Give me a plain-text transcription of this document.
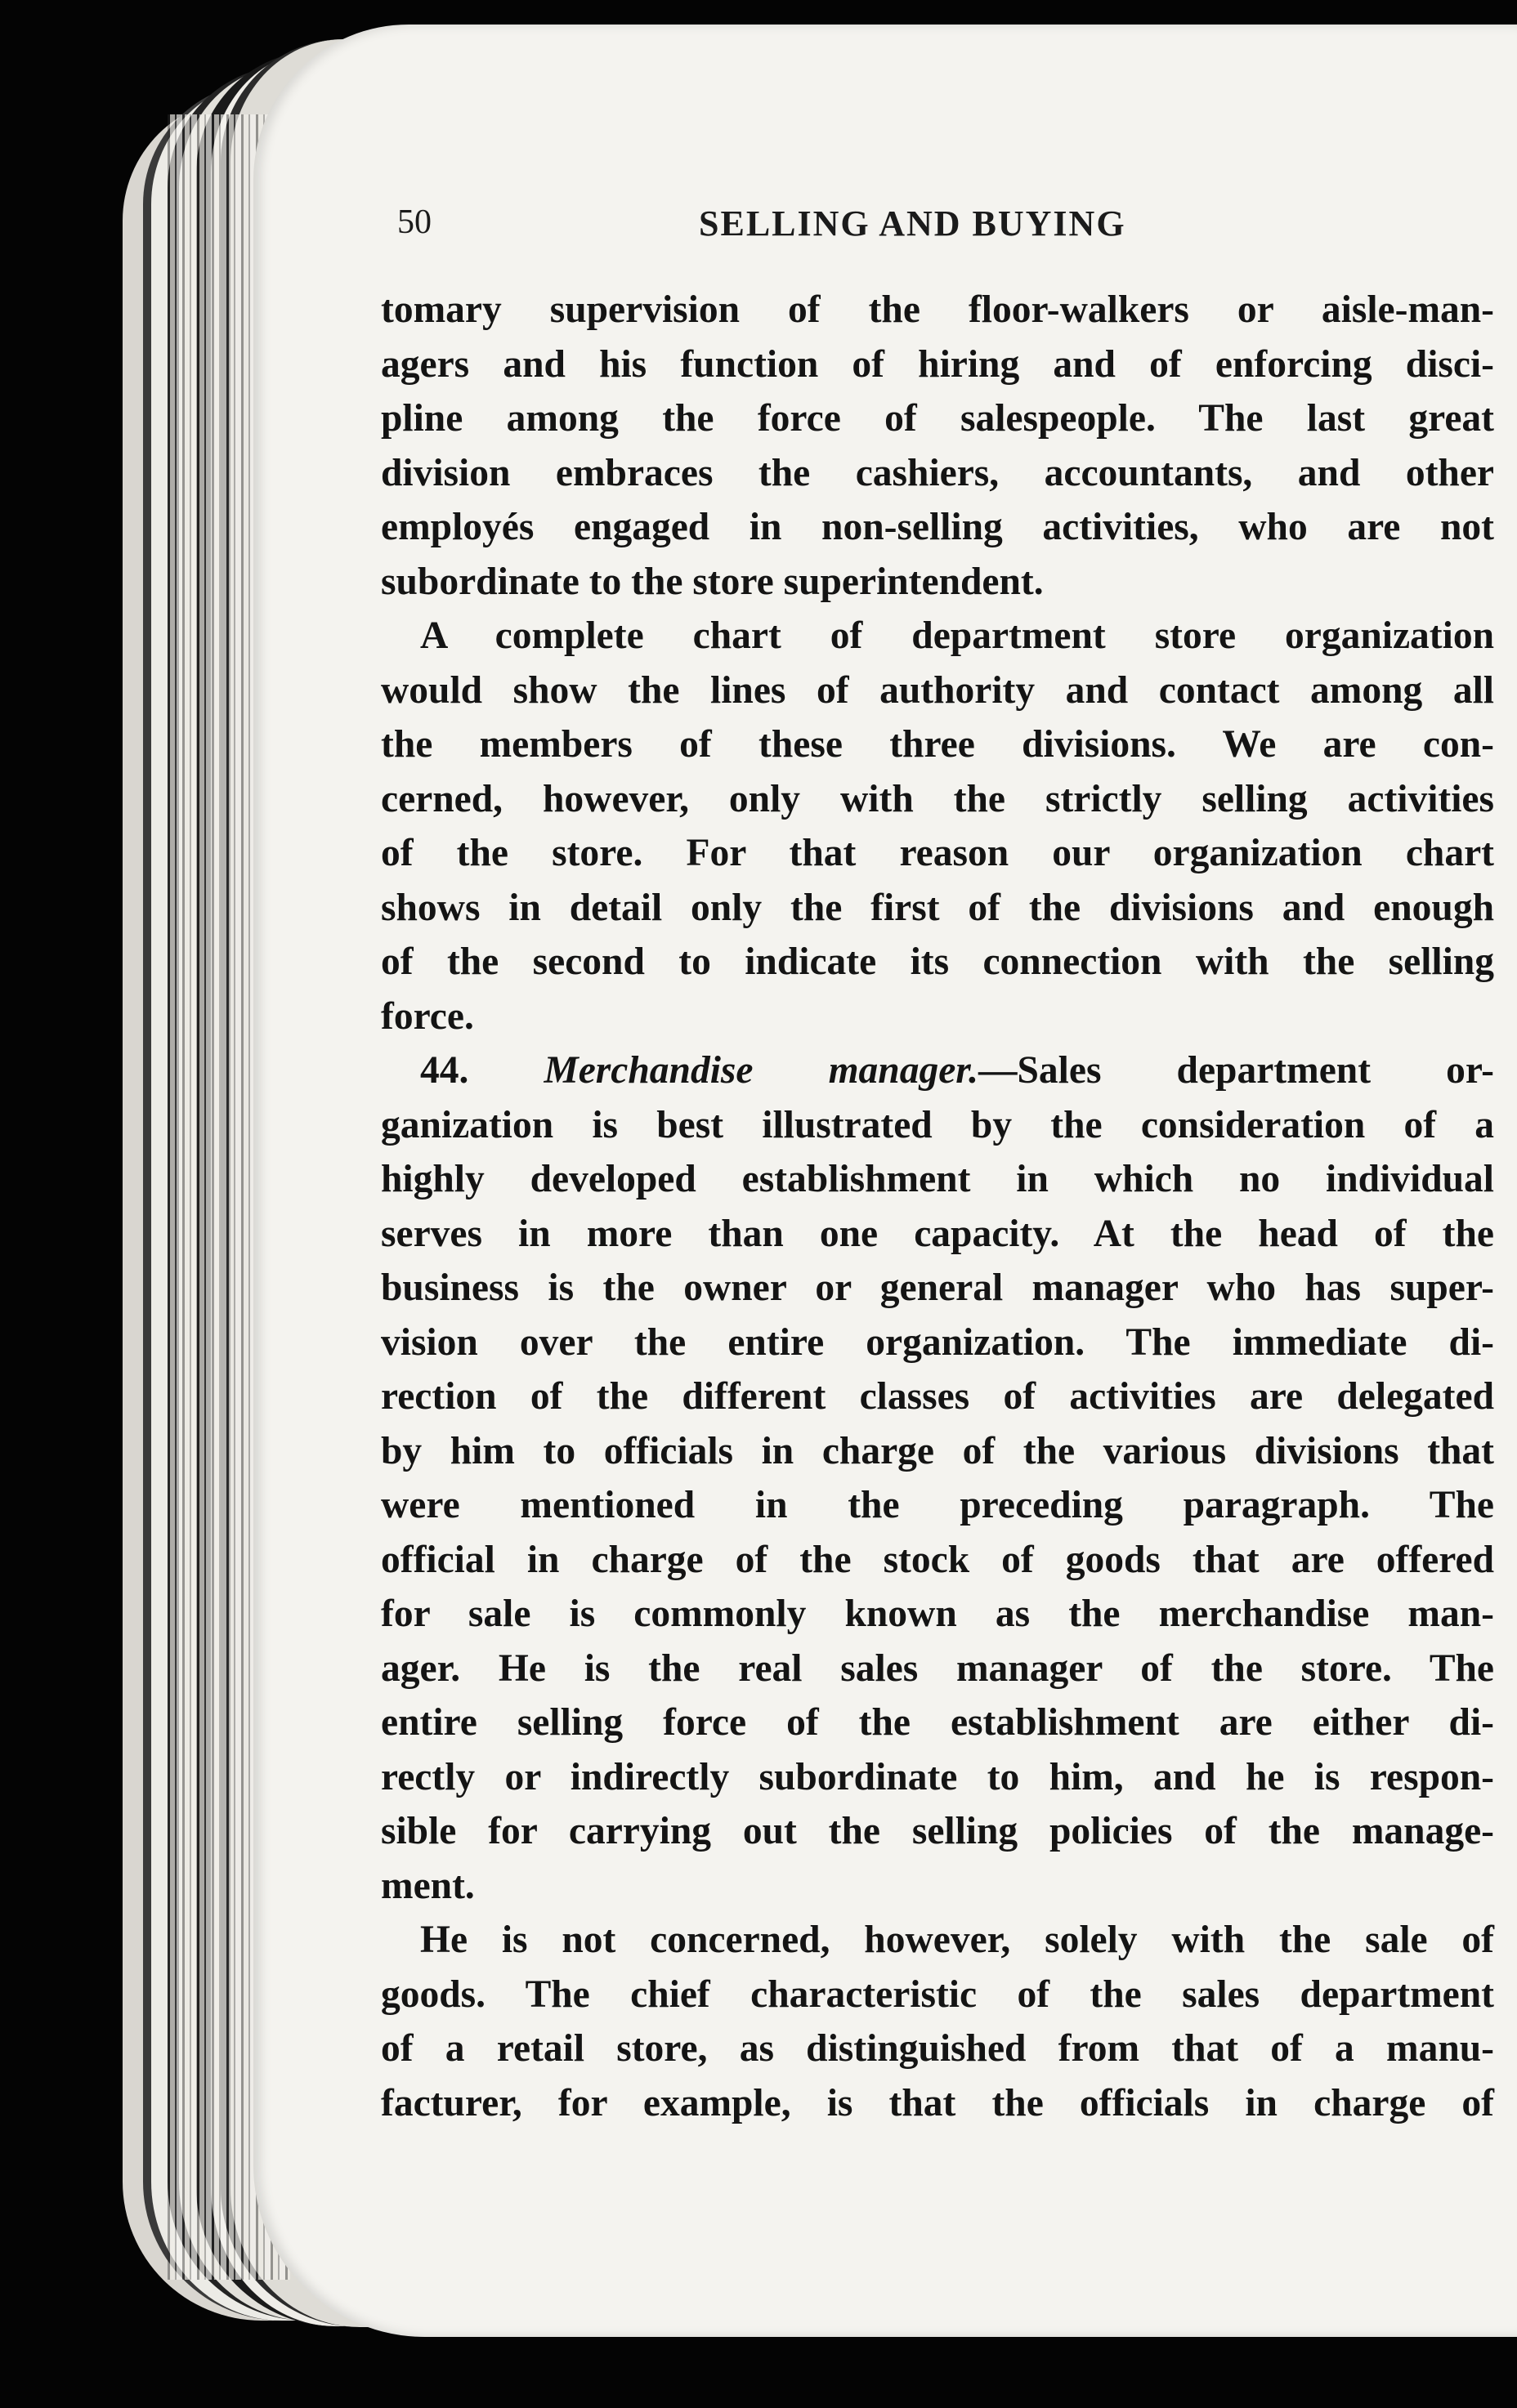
50	SELLING AND BUYING
tomary supervision of the floor-walkers or aisle-man-
agers and his function of hiring and of enforcing disci-
pline among the force of salespeople. The last great
division embraces the cashiers, accountants, and other
employés engaged in non-selling activities, who are not
subordinate to the store superintendent.
A complete chart of department store organization
would show the lines of authority and contact among all
the members of these three divisions. We are con-
cerned, however, only with the strictly selling activities
of the store. For that reason our organization chart
shows in detail only the first of the divisions and enough
of the second to indicate its connection with the selling
force.
44. Merchandise manager.—Sales department or-
ganization is best illustrated by the consideration of a
highly developed establishment in which no individual
serves in more than one capacity. At the head of the
business is the owner or general manager who has super-
vision over the entire organization. The immediate di-
rection of the different classes of activities are delegated
by him to officials in charge of the various divisions that
were mentioned in the preceding paragraph. The
official in charge of the stock of goods that are offered
for sale is commonly known as the merchandise man-
ager. He is the real sales manager of the store. The
entire selling force of the establishment are either di-
rectly or indirectly subordinate to him, and he is respon-
sible for carrying out the selling policies of the manage-
ment.
He is not concerned, however, solely with the sale of
goods. The chief characteristic of the sales department
of a retail store, as distinguished from that of a manu-
facturer, for example, is that the officials in charge of
